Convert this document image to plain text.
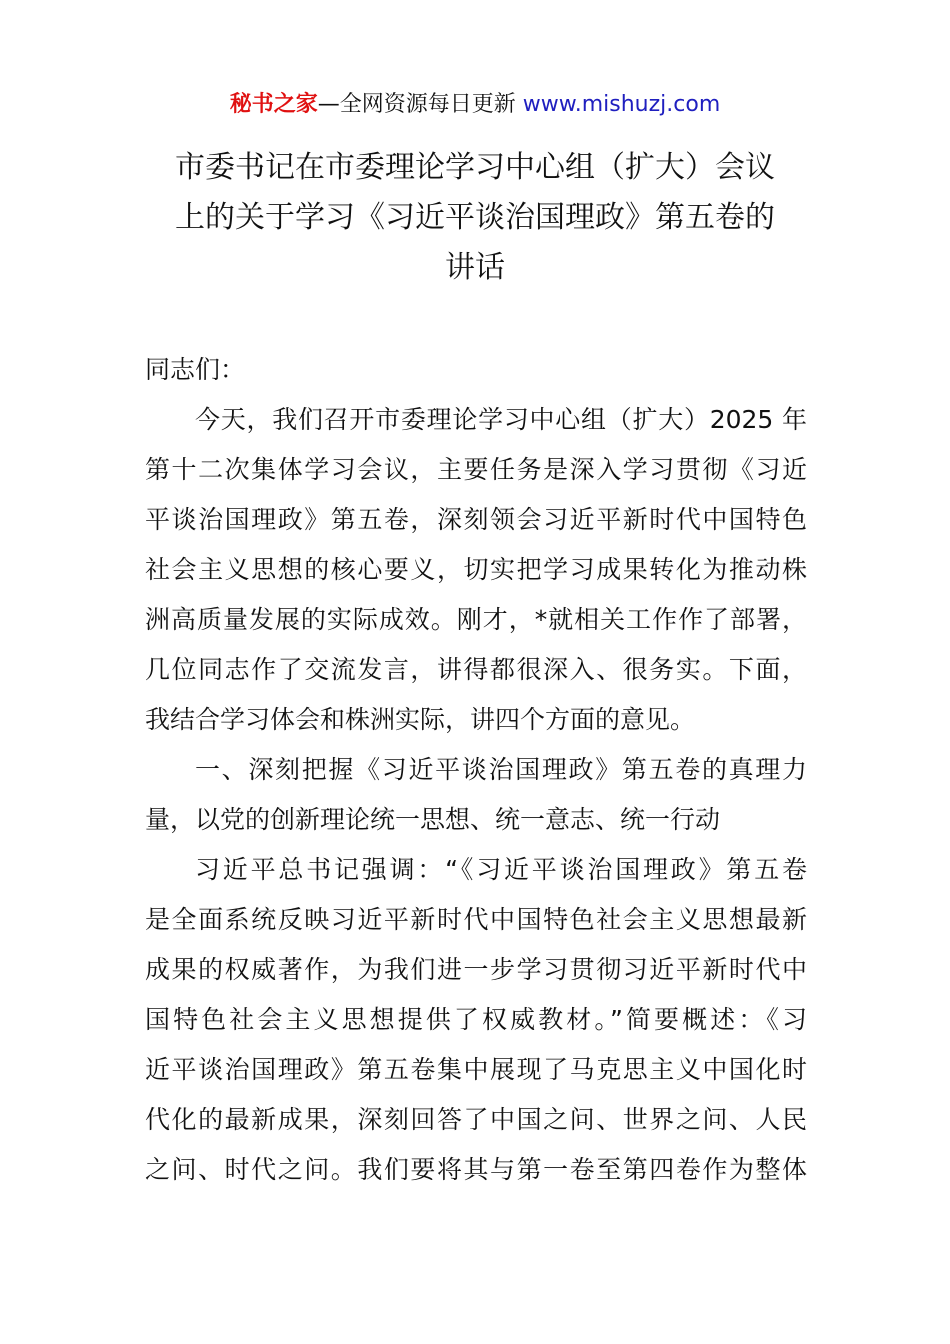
秘书之家—全网资源每日更新 www.mishuzj.com
市委书记在市委理论学习中心组（扩大）会议
上的关于学习《习近平谈治国理政》第五卷的
讲话
同志们：
今天，我们召开市委理论学习中心组（扩大）2025 年
第十二次集体学习会议，主要任务是深入学习贯彻《习近
平谈治国理政》第五卷，深刻领会习近平新时代中国特色
社会主义思想的核心要义，切实把学习成果转化为推动株
洲高质量发展的实际成效。刚才，*就相关工作作了部署，
几位同志作了交流发言，讲得都很深入、很务实。下面，
我结合学习体会和株洲实际，讲四个方面的意见。
一、深刻把握《习近平谈治国理政》第五卷的真理力
量，以党的创新理论统一思想、统一意志、统一行动
习近平总书记强调：“《习近平谈治国理政》第五卷
是全面系统反映习近平新时代中国特色社会主义思想最新
成果的权威著作，为我们进一步学习贯彻习近平新时代中
国特色社会主义思想提供了权威教材。”简要概述：《习
近平谈治国理政》第五卷集中展现了马克思主义中国化时
代化的最新成果，深刻回答了中国之问、世界之问、人民
之问、时代之问。我们要将其与第一卷至第四卷作为整体
